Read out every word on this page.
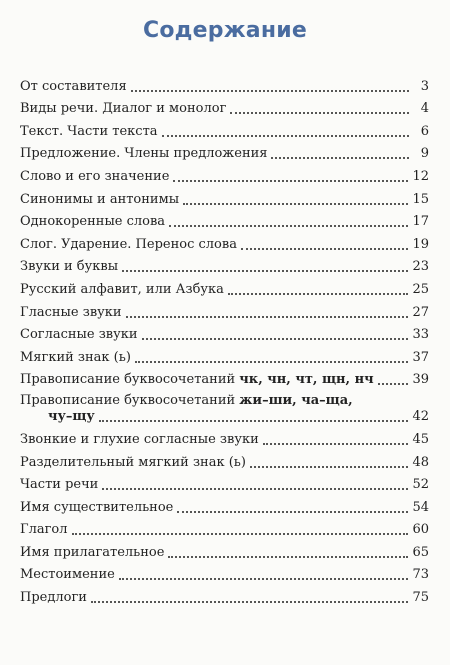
Содержание
От составителя	3
Виды речи. Диалог и монолог	4
Текст. Части текста	6
Предложение. Члены предложения	9
Слово и его значение	12
Синонимы и антонимы	15
Однокоренные слова	17
Слог. Ударение. Перенос слова	19
Звуки и буквы	23
Русский алфавит, или Азбука	25
Гласные звуки	27
Согласные звуки	33
Мягкий знак (ь)	37
Правописание буквосочетаний чк, чн, чт, щн, нч	39
Правописание буквосочетаний жи–ши, ча–ща,
чу–щу	42
Звонкие и глухие согласные звуки	45
Разделительный мягкий знак (ь)	48
Части речи	52
Имя существительное	54
Глагол	60
Имя прилагательное	65
Местоимение	73
Предлоги	75
